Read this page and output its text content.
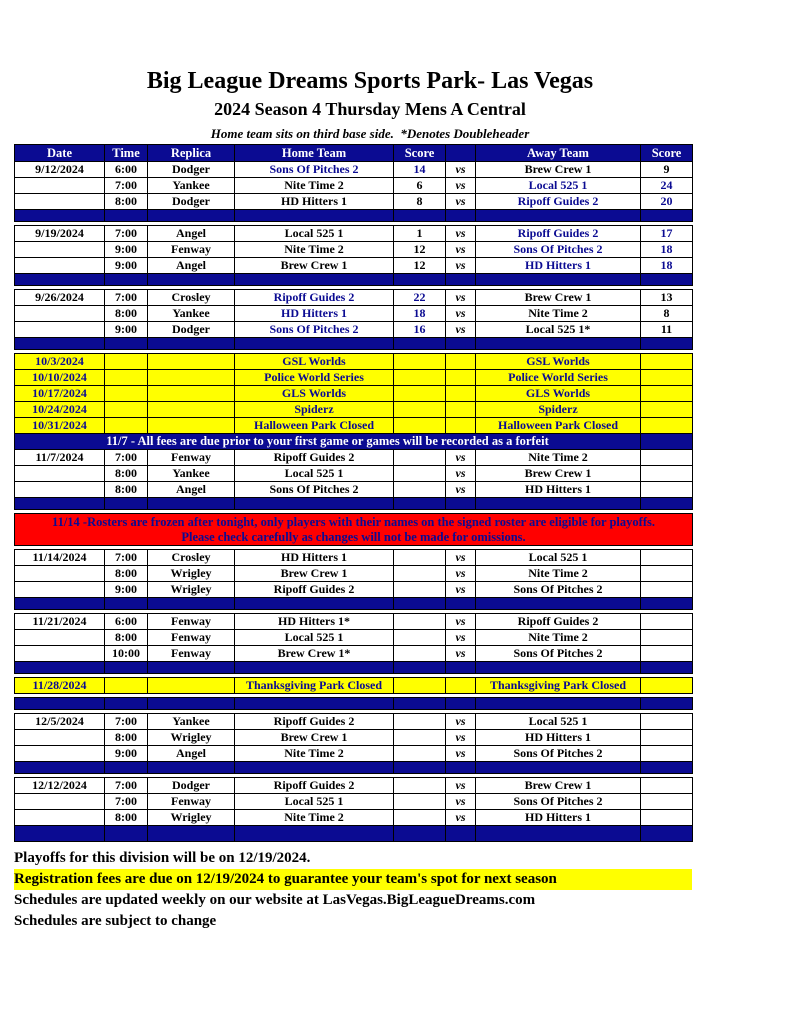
Big League Dreams Sports Park- Las Vegas
2024 Season 4 Thursday Mens A Central
Home team sits on third base side.  *Denotes Doubleheader
Date	Time	Replica	Home Team	Score		Away Team	Score
9/12/2024	6:00	Dodger	Sons Of Pitches 2	14	vs	Brew Crew 1	9
	7:00	Yankee	Nite Time 2	6	vs	Local 525 1	24
	8:00	Dodger	HD Hitters 1	8	vs	Ripoff Guides 2	20

9/19/2024	7:00	Angel	Local 525 1	1	vs	Ripoff Guides 2	17
	9:00	Fenway	Nite Time 2	12	vs	Sons Of Pitches 2	18
	9:00	Angel	Brew Crew 1	12	vs	HD Hitters 1	18

9/26/2024	7:00	Crosley	Ripoff Guides 2	22	vs	Brew Crew 1	13
	8:00	Yankee	HD Hitters 1	18	vs	Nite Time 2	8
	9:00	Dodger	Sons Of Pitches 2	16	vs	Local 525 1*	11

10/3/2024			GSL Worlds			GSL Worlds	
10/10/2024			Police World Series			Police World Series	
10/17/2024			GLS Worlds			GLS Worlds	
10/24/2024			Spiderz			Spiderz	
10/31/2024			Halloween Park Closed			Halloween Park Closed	
11/7 - All fees are due prior to your first game or games will be recorded as a forfeit							
11/7/2024	7:00	Fenway	Ripoff Guides 2		vs	Nite Time 2	
	8:00	Yankee	Local 525 1		vs	Brew Crew 1	
	8:00	Angel	Sons Of Pitches 2		vs	HD Hitters 1	

11/14 -Rosters are frozen after tonight, only players with their names on the signed roster are eligible for playoffs.
Please check carefully as changes will not be made for omissions.							

11/14/2024	7:00	Crosley	HD Hitters 1		vs	Local 525 1	
	8:00	Wrigley	Brew Crew 1		vs	Nite Time 2	
	9:00	Wrigley	Ripoff Guides 2		vs	Sons Of Pitches 2	

11/21/2024	6:00	Fenway	HD Hitters 1*		vs	Ripoff Guides 2	
	8:00	Fenway	Local 525 1		vs	Nite Time 2	
	10:00	Fenway	Brew Crew 1*		vs	Sons Of Pitches 2	

11/28/2024			Thanksgiving Park Closed			Thanksgiving Park Closed	

12/5/2024	7:00	Yankee	Ripoff Guides 2		vs	Local 525 1	
	8:00	Wrigley	Brew Crew 1		vs	HD Hitters 1	
	9:00	Angel	Nite Time 2		vs	Sons Of Pitches 2	

12/12/2024	7:00	Dodger	Ripoff Guides 2		vs	Brew Crew 1	
	7:00	Fenway	Local 525 1		vs	Sons Of Pitches 2	
	8:00	Wrigley	Nite Time 2		vs	HD Hitters 1	

Playoffs for this division will be on 12/19/2024.
Registration fees are due on 12/19/2024 to guarantee your team's spot for next season
Schedules are updated weekly on our website at LasVegas.BigLeagueDreams.com
Schedules are subject to change
